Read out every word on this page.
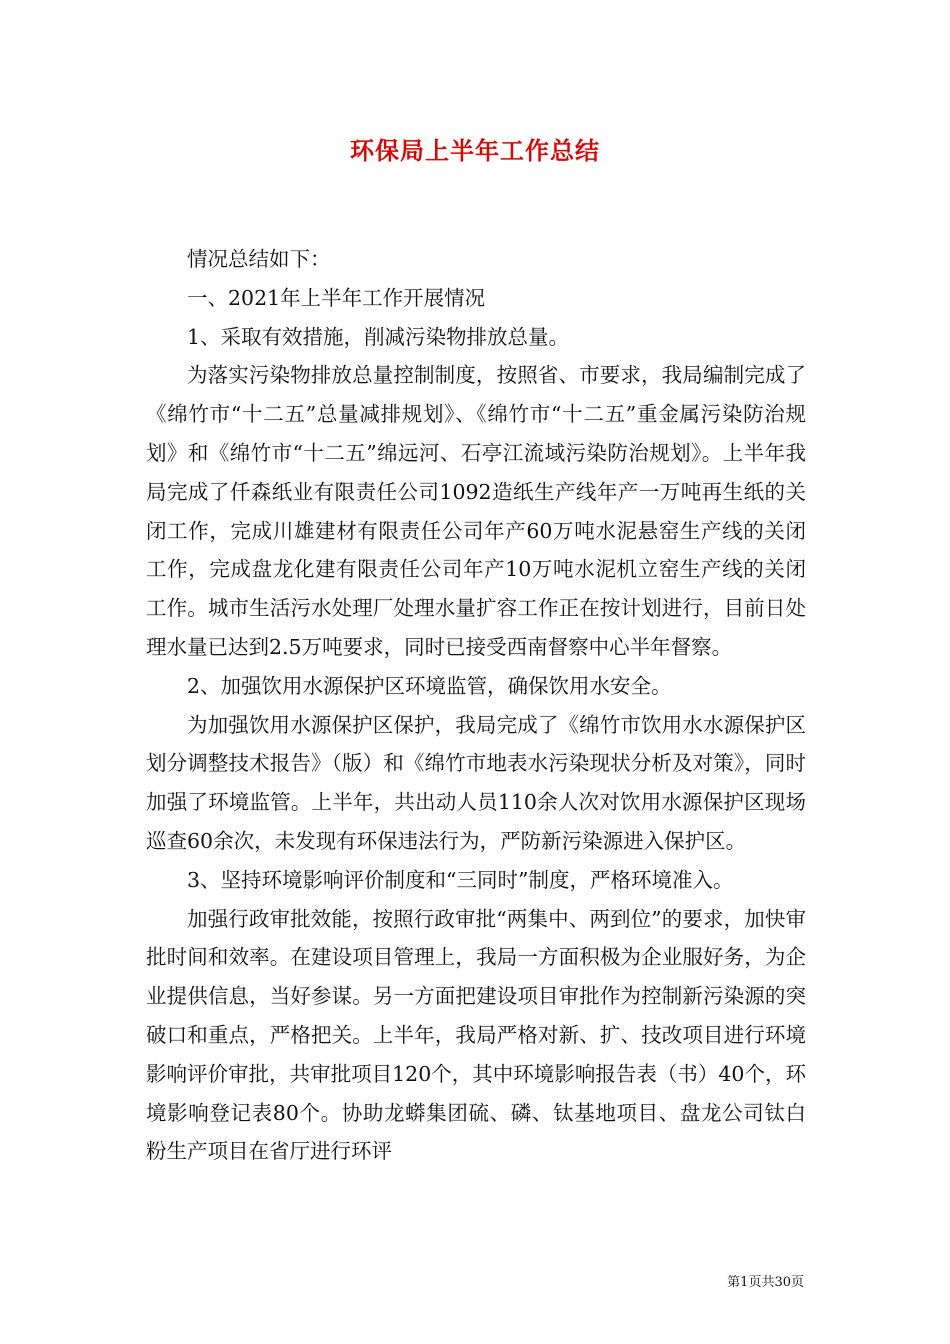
环保局上半年工作总结

情况总结如下：

一、2021年上半年工作开展情况

1、采取有效措施，削减污染物排放总量。

为落实污染物排放总量控制制度，按照省、市要求，我局编制完成了《绵竹市“十二五”总量减排规划》、《绵竹市“十二五”重金属污染防治规划》和《绵竹市“十二五”绵远河、石亭江流域污染防治规划》。上半年我局完成了仟森纸业有限责任公司1092造纸生产线年产一万吨再生纸的关闭工作，完成川雄建材有限责任公司年产60万吨水泥悬窑生产线的关闭工作，完成盘龙化建有限责任公司年产10万吨水泥机立窑生产线的关闭工作。城市生活污水处理厂处理水量扩容工作正在按计划进行，目前日处理水量已达到2.5万吨要求，同时已接受西南督察中心半年督察。

2、加强饮用水源保护区环境监管，确保饮用水安全。

为加强饮用水源保护区保护，我局完成了《绵竹市饮用水水源保护区划分调整技术报告》（版）和《绵竹市地表水污染现状分析及对策》，同时加强了环境监管。上半年，共出动人员110余人次对饮用水源保护区现场巡查60余次，未发现有环保违法行为，严防新污染源进入保护区。

3、坚持环境影响评价制度和“三同时”制度，严格环境准入。

加强行政审批效能，按照行政审批“两集中、两到位”的要求，加快审批时间和效率。在建设项目管理上，我局一方面积极为企业服好务，为企业提供信息，当好参谋。另一方面把建设项目审批作为控制新污染源的突破口和重点，严格把关。上半年，我局严格对新、扩、技改项目进行环境影响评价审批，共审批项目120个，其中环境影响报告表（书）40个，环境影响登记表80个。协助龙蟒集团硫、磷、钛基地项目、盘龙公司钛白粉生产项目在省厅进行环评

第1页共30页
